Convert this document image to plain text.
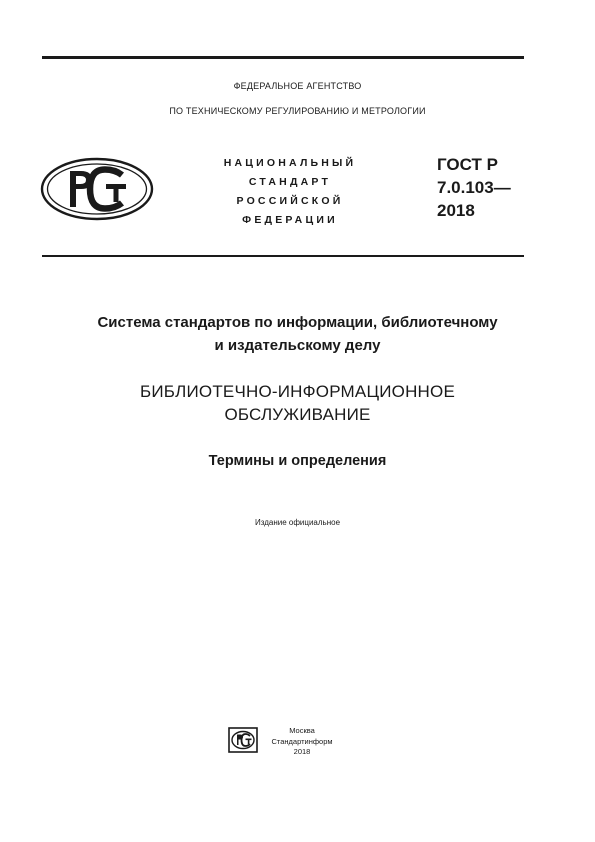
ФЕДЕРАЛЬНОЕ АГЕНТСТВО
ПО ТЕХНИЧЕСКОМУ РЕГУЛИРОВАНИЮ И МЕТРОЛОГИИ
НАЦИОНАЛЬНЫЙ
СТАНДАРТ
РОССИЙСКОЙ
ФЕДЕРАЦИИ
ГОСТ Р
7.0.103—
2018
Система стандартов по информации, библиотечному
и издательскому делу
БИБЛИОТЕЧНО-ИНФОРМАЦИОННОЕ
ОБСЛУЖИВАНИЕ
Термины и определения
Издание официальное
Москва
Стандартинформ
2018
